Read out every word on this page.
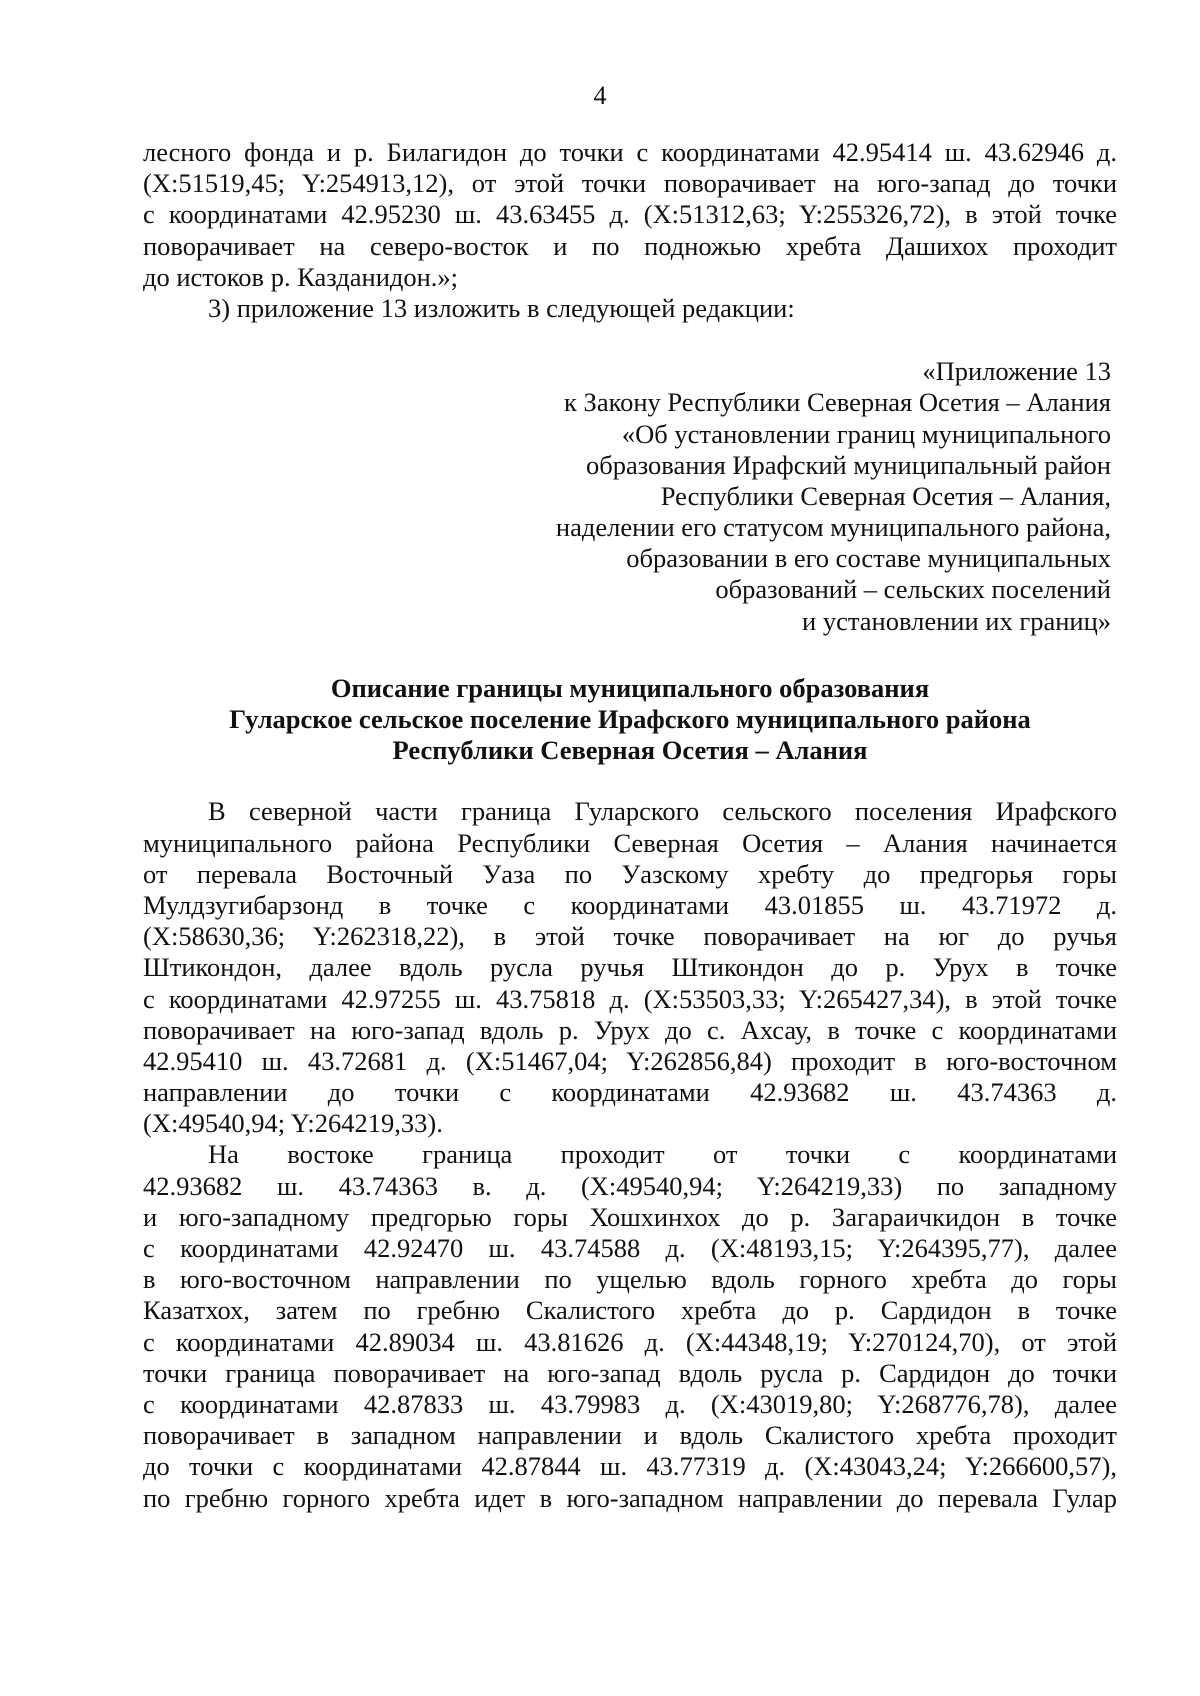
4

лесного фонда и р. Билагидон до точки с координатами 42.95414 ш. 43.62946 д.

(X:51519,45; Y:254913,12), от этой точки поворачивает на юго-запад до точки

с координатами 42.95230 ш. 43.63455 д. (X:51312,63; Y:255326,72), в этой точке

поворачивает на северо-восток и по подножью хребта Дашихох проходит

до истоков р. Казданидон.»;

3) приложение 13 изложить в следующей редакции:

«Приложение 13
к Закону Республики Северная Осетия – Алания
«Об установлении границ муниципального
образования Ирафский муниципальный район
Республики Северная Осетия – Алания,
наделении его статусом муниципального района,
образовании в его составе муниципальных
образований – сельских поселений
и установлении их границ»
Описание границы муниципального образования
Гуларское сельское поселение Ирафского муниципального района
Республики Северная Осетия – Алания

В северной части граница Гуларского сельского поселения Ирафского

муниципального района Республики Северная Осетия – Алания начинается

от перевала Восточный Уаза по Уазскому хребту до предгорья горы

Мулдзугибарзонд в точке с координатами 43.01855 ш. 43.71972 д.

(X:58630,36; Y:262318,22), в этой точке поворачивает на юг до ручья

Штикондон, далее вдоль русла ручья Штикондон до р. Урух в точке

с координатами 42.97255 ш. 43.75818 д. (X:53503,33; Y:265427,34), в этой точке

поворачивает на юго-запад вдоль р. Урух до с. Ахсау, в точке с координатами

42.95410 ш. 43.72681 д. (X:51467,04; Y:262856,84) проходит в юго-восточном

направлении до точки с координатами 42.93682 ш. 43.74363 д.

(X:49540,94; Y:264219,33).

На востоке граница проходит от точки с координатами

42.93682 ш. 43.74363 в. д. (X:49540,94; Y:264219,33) по западному

и юго-западному предгорью горы Хошхинхох до р. Загараичкидон в точке

с координатами 42.92470 ш. 43.74588 д. (X:48193,15; Y:264395,77), далее

в юго-восточном направлении по ущелью вдоль горного хребта до горы

Казатхох, затем по гребню Скалистого хребта до р. Сардидон в точке

с координатами 42.89034 ш. 43.81626 д. (X:44348,19; Y:270124,70), от этой

точки граница поворачивает на юго-запад вдоль русла р. Сардидон до точки

с координатами 42.87833 ш. 43.79983 д. (X:43019,80; Y:268776,78), далее

поворачивает в западном направлении и вдоль Скалистого хребта проходит

до точки с координатами 42.87844 ш. 43.77319 д. (X:43043,24; Y:266600,57),

по гребню горного хребта идет в юго-западном направлении до перевала Гулар
